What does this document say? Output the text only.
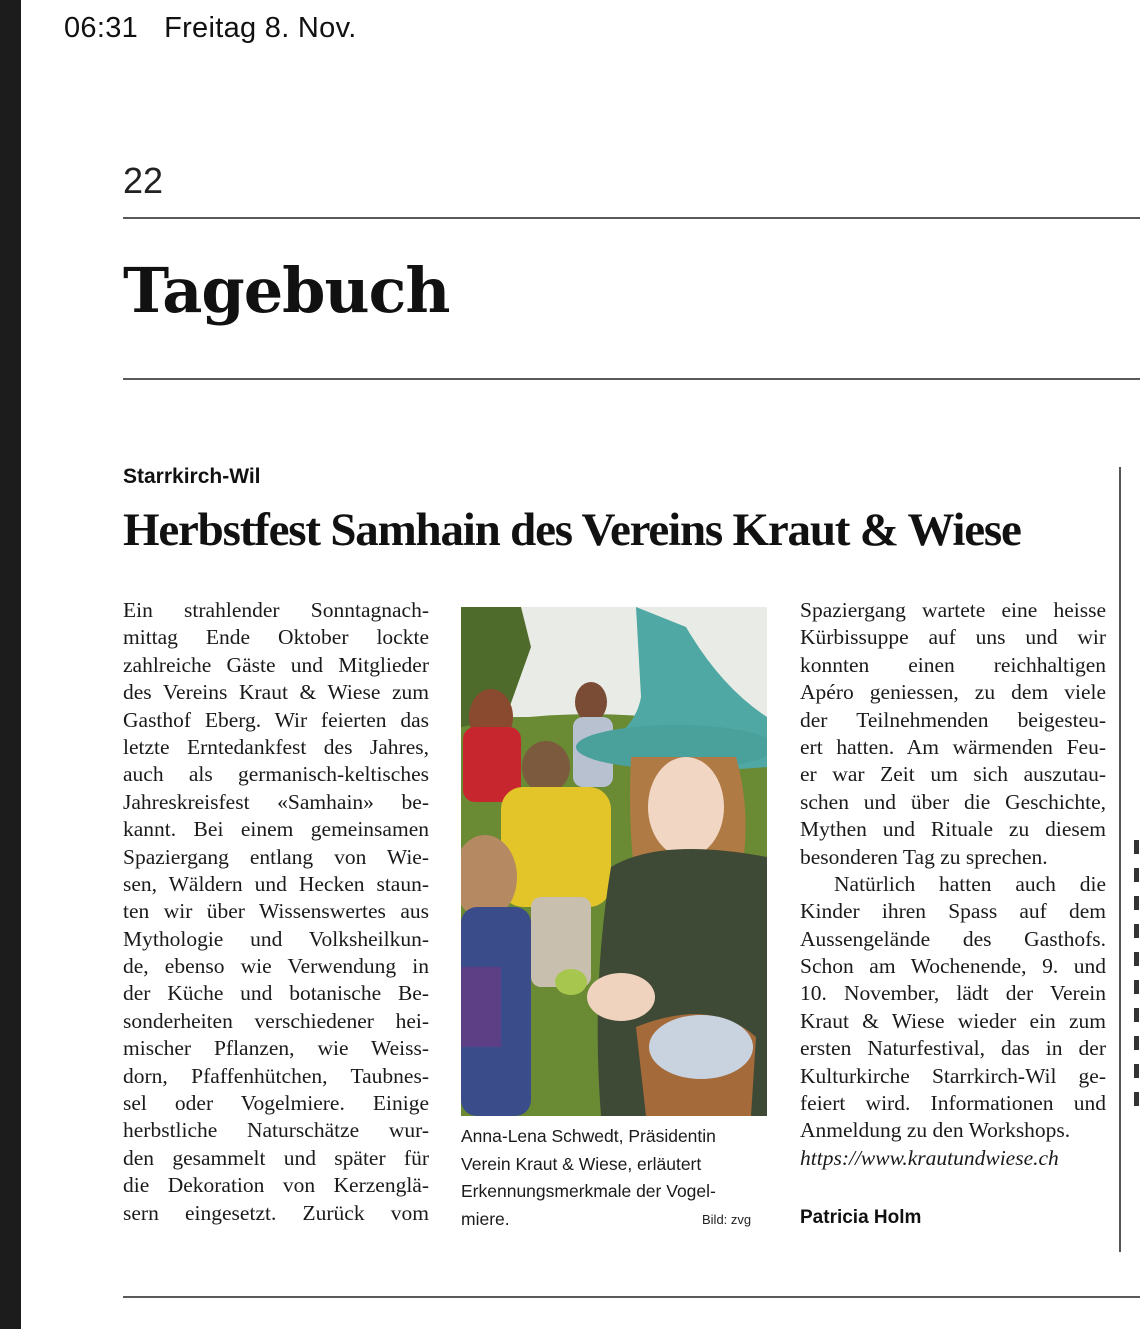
06:31 Freitag 8. Nov.
22
Tagebuch
Starrkirch-Wil
Herbstfest Samhain des Vereins Kraut & Wiese
Ein strahlender Sonntagnach-
mittag Ende Oktober lockte
zahlreiche Gäste und Mitglieder
des Vereins Kraut & Wiese zum
Gasthof Eberg. Wir feierten das
letzte Erntedankfest des Jahres,
auch als germanisch-keltisches
Jahreskreisfest «Samhain» be-
kannt. Bei einem gemeinsamen
Spaziergang entlang von Wie-
sen, Wäldern und Hecken staun-
ten wir über Wissenswertes aus
Mythologie und Volksheilkun-
de, ebenso wie Verwendung in
der Küche und botanische Be-
sonderheiten verschiedener hei-
mischer Pflanzen, wie Weiss-
dorn, Pfaffenhütchen, Taubnes-
sel oder Vogelmiere. Einige
herbstliche Naturschätze wur-
den gesammelt und später für
die Dekoration von Kerzenglä-
sern eingesetzt. Zurück vom
Anna-Lena Schwedt, Präsidentin
Verein Kraut & Wiese, erläutert
Erkennungsmerkmale der Vogel-
miere.	Bild: zvg
Spaziergang wartete eine heisse
Kürbissuppe auf uns und wir
konnten einen reichhaltigen
Apéro geniessen, zu dem viele
der Teilnehmenden beigesteu-
ert hatten. Am wärmenden Feu-
er war Zeit um sich auszutau-
schen und über die Geschichte,
Mythen und Rituale zu diesem
besonderen Tag zu sprechen.
Natürlich hatten auch die
Kinder ihren Spass auf dem
Aussengelände des Gasthofs.
Schon am Wochenende, 9. und
10. November, lädt der Verein
Kraut & Wiese wieder ein zum
ersten Naturfestival, das in der
Kulturkirche Starrkirch-Wil ge-
feiert wird. Informationen und
Anmeldung zu den Workshops.
https://www.krautundwiese.ch
Patricia Holm
